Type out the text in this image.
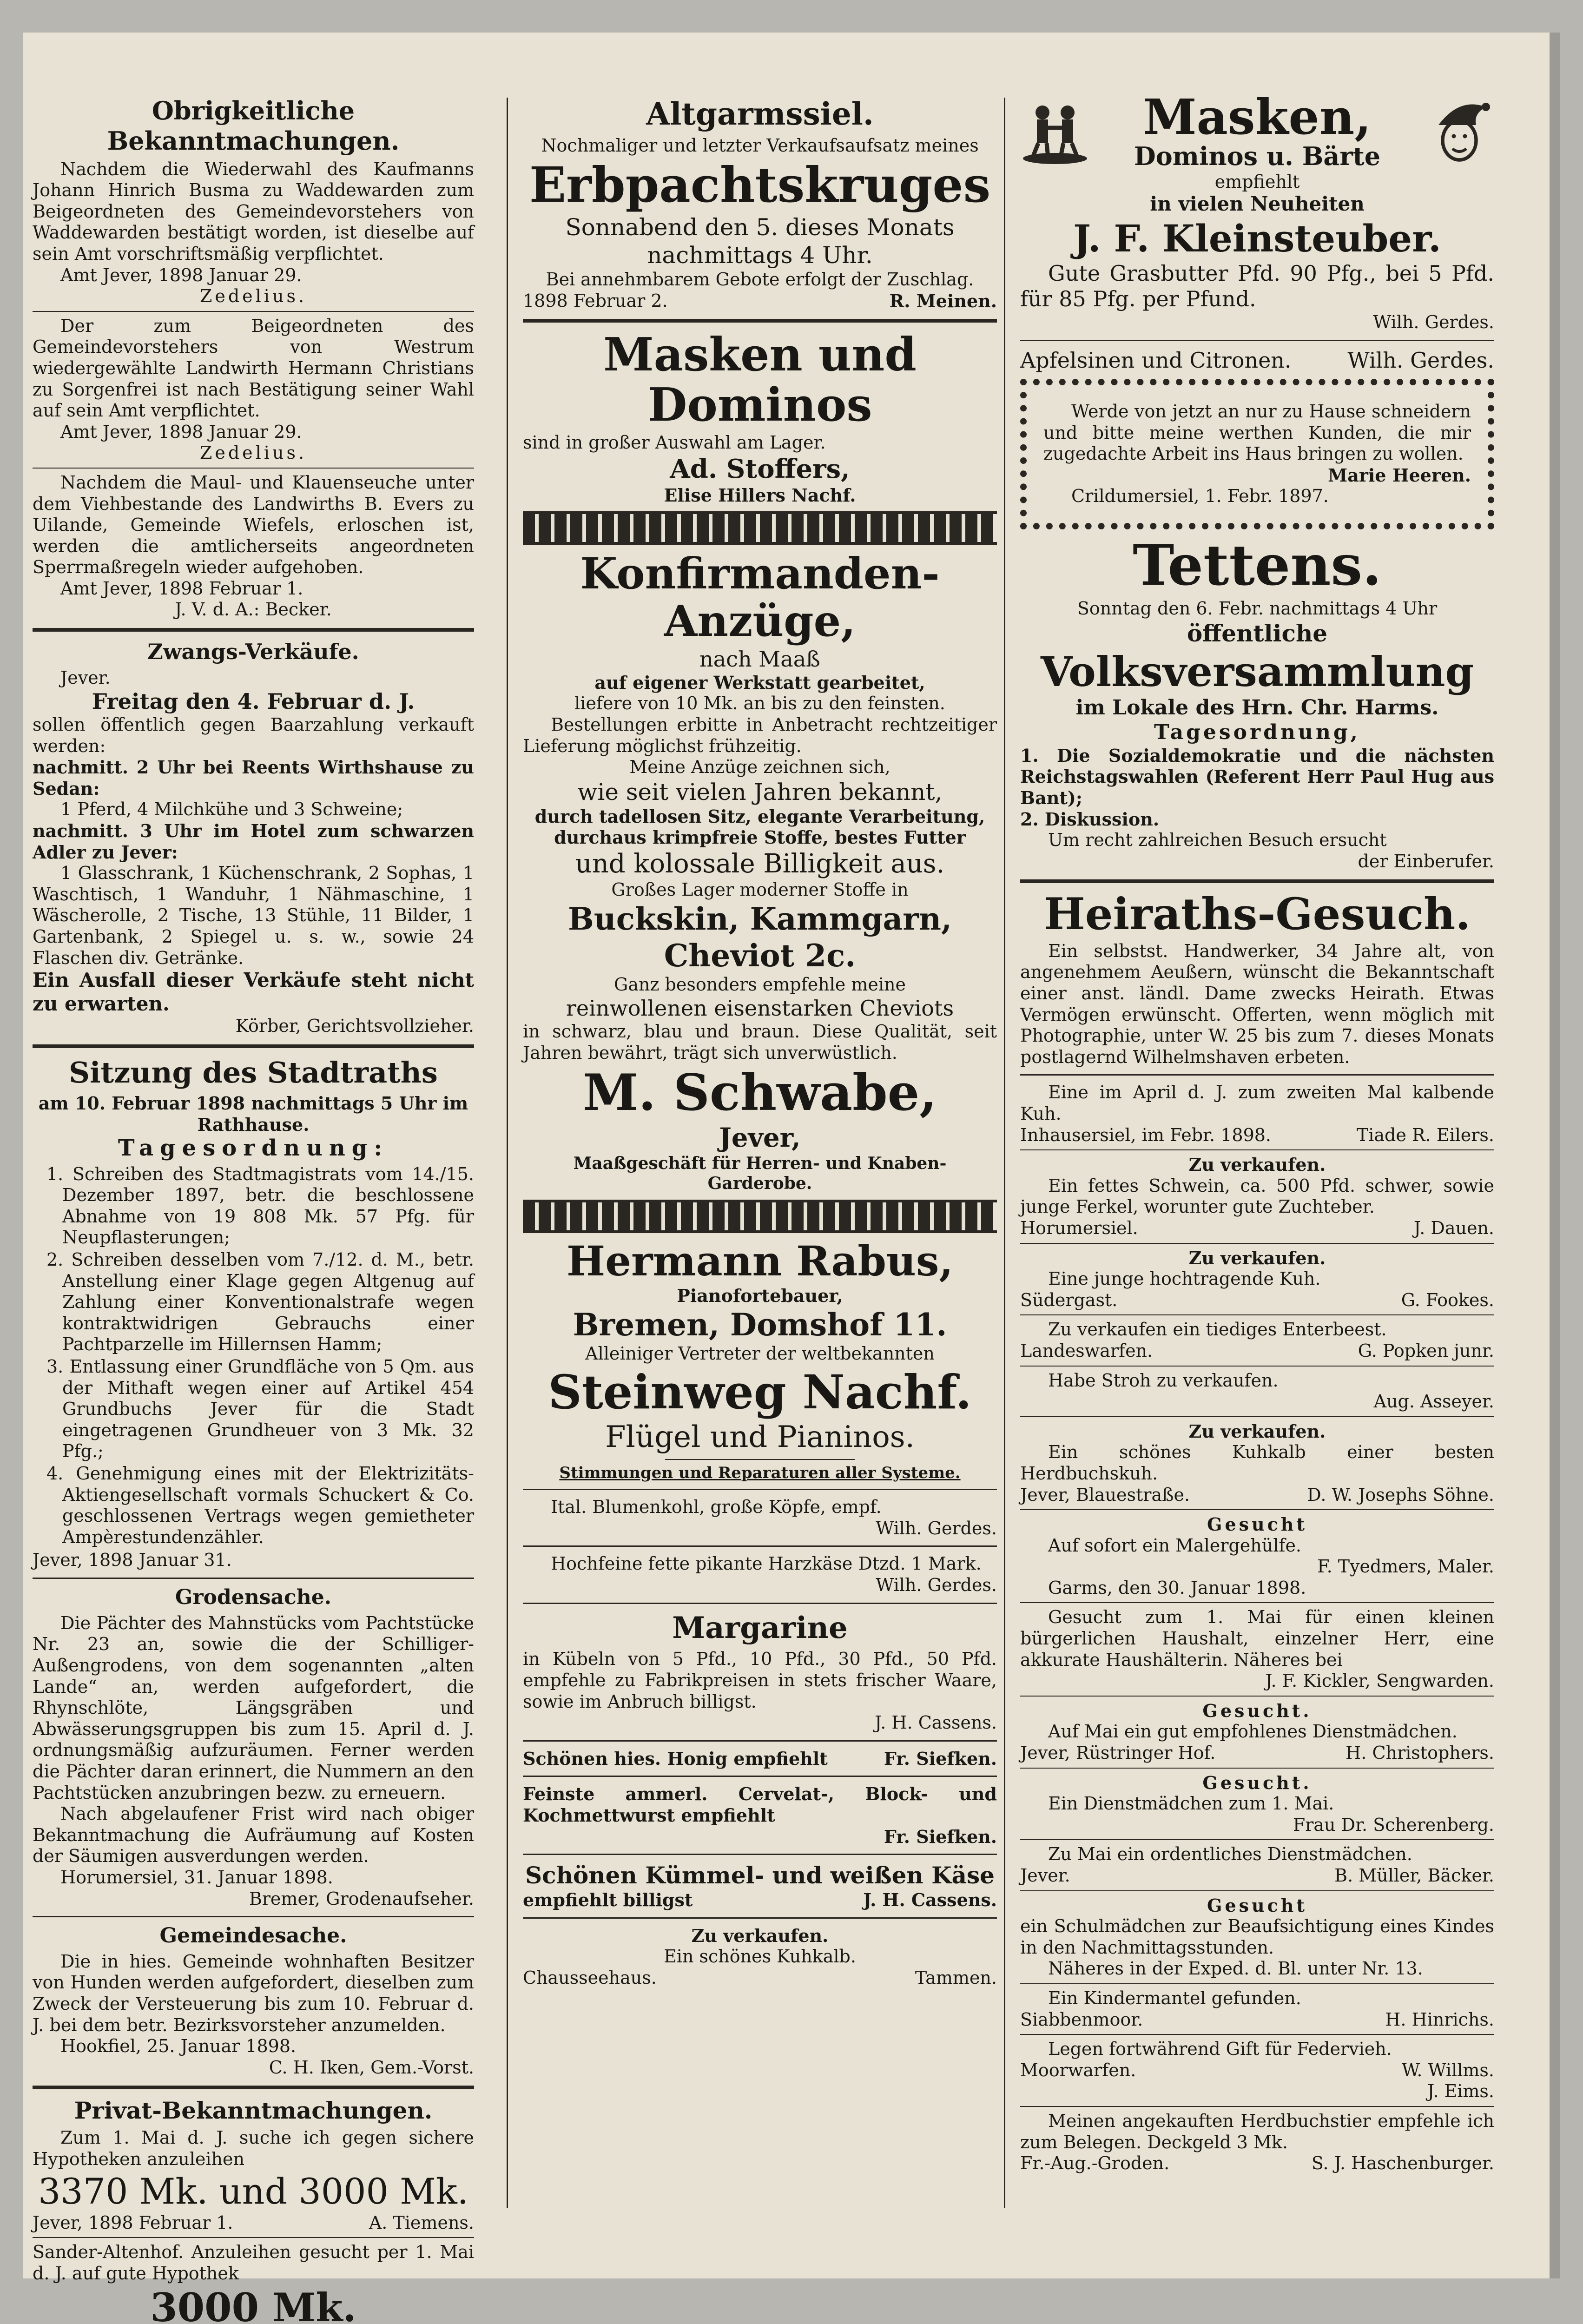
Obrigkeitliche Bekanntmachungen.

Nachdem die Wiederwahl des Kaufmanns Johann Hinrich Busma zu Waddewarden zum Beigeordneten des Gemeindevorstehers von Waddewarden bestätigt worden, ist dieselbe auf sein Amt vorschriftsmäßig verpflichtet.

Amt Jever, 1898 Januar 29.

Zedelius.

Der zum Beigeordneten des Gemeindevorstehers von Westrum wiedergewählte Landwirth Hermann Christians zu Sorgenfrei ist nach Bestätigung seiner Wahl auf sein Amt verpflichtet.

Amt Jever, 1898 Januar 29.

Zedelius.

Nachdem die Maul- und Klauenseuche unter dem Viehbestande des Landwirths B. Evers zu Uilande, Gemeinde Wiefels, erloschen ist, werden die amtlicherseits angeordneten Sperrmaßregeln wieder aufgehoben.

Amt Jever, 1898 Februar 1.

J. V. d. A.: Becker.

Zwangs-Verkäufe.

Jever.

Freitag den 4. Februar d. J.

sollen öffentlich gegen Baarzahlung verkauft werden:

nachmitt. 2 Uhr bei Reents Wirthshause zu Sedan:

1 Pferd, 4 Milchkühe und 3 Schweine;

nachmitt. 3 Uhr im Hotel zum schwarzen Adler zu Jever:

1 Glasschrank, 1 Küchenschrank, 2 Sophas, 1 Waschtisch, 1 Wanduhr, 1 Nähmaschine, 1 Wäscherolle, 2 Tische, 13 Stühle, 11 Bilder, 1 Gartenbank, 2 Spiegel u. s. w., sowie 24 Flaschen div. Getränke.

Ein Ausfall dieser Verkäufe steht nicht zu erwarten.

Körber, Gerichtsvollzieher.

Sitzung des Stadtraths

am 10. Februar 1898 nachmittags 5 Uhr im Rathhause.

Tagesordnung:

1. Schreiben des Stadtmagistrats vom 14./15. Dezember 1897, betr. die beschlossene Abnahme von 19 808 Mk. 57 Pfg. für Neupflasterungen;
2. Schreiben desselben vom 7./12. d. M., betr. Anstellung einer Klage gegen Altgenug auf Zahlung einer Konventionalstrafe wegen kontraktwidrigen Gebrauchs einer Pachtparzelle im Hillernsen Hamm;
3. Entlassung einer Grundfläche von 5 Qm. aus der Mithaft wegen einer auf Artikel 454 Grundbuchs Jever für die Stadt eingetragenen Grundheuer von 3 Mk. 32 Pfg.;
4. Genehmigung eines mit der Elektrizitäts-Aktiengesellschaft vormals Schuckert & Co. geschlossenen Vertrags wegen gemietheter Ampèrestundenzähler.

Jever, 1898 Januar 31.

Grodensache.

Die Pächter des Mahnstücks vom Pachtstücke Nr. 23 an, sowie die der Schilliger-Außengrodens, von dem sogenannten „alten Lande“ an, werden aufgefordert, die Rhynschlöte, Längsgräben und Abwässerungsgruppen bis zum 15. April d. J. ordnungsmäßig aufzuräumen. Ferner werden die Pächter daran erinnert, die Nummern an den Pachtstücken anzubringen bezw. zu erneuern.

Nach abgelaufener Frist wird nach obiger Bekanntmachung die Aufräumung auf Kosten der Säumigen ausverdungen werden.

Horumersiel, 31. Januar 1898.

Bremer, Grodenaufseher.

Gemeindesache.

Die in hies. Gemeinde wohnhaften Besitzer von Hunden werden aufgefordert, dieselben zum Zweck der Versteuerung bis zum 10. Februar d. J. bei dem betr. Bezirksvorsteher anzumelden.

Hookfiel, 25. Januar 1898.

C. H. Iken, Gem.-Vorst.

Privat-Bekanntmachungen.

Zum 1. Mai d. J. suche ich gegen sichere Hypotheken anzuleihen

3370 Mk. und 3000 Mk.

Jever, 1898 Februar 1.	A. Tiemens.

Sander-Altenhof. Anzuleihen gesucht per 1. Mai d. J. auf gute Hypothek

3000 Mk.

Altgarmssiel.

Nochmaliger und letzter Verkaufsaufsatz meines

Erbpachtskruges

Sonnabend den 5. dieses Monats

nachmittags 4 Uhr.

Bei annehmbarem Gebote erfolgt der Zuschlag.

1898 Februar 2.	R. Meinen.

Masken und Dominos

sind in großer Auswahl am Lager.

Ad. Stoffers,

Elise Hillers Nachf.

Konfirmanden-Anzüge,

nach Maaß

auf eigener Werkstatt gearbeitet,

liefere von 10 Mk. an bis zu den feinsten.

Bestellungen erbitte in Anbetracht rechtzeitiger Lieferung möglichst frühzeitig.

Meine Anzüge zeichnen sich,

wie seit vielen Jahren bekannt,

durch tadellosen Sitz, elegante Verarbeitung, durchaus krimpfreie Stoffe, bestes Futter

und kolossale Billigkeit aus.

Großes Lager moderner Stoffe in

Buckskin, Kammgarn,

Cheviot 2c.

Ganz besonders empfehle meine

reinwollenen eisenstarken Cheviots

in schwarz, blau und braun. Diese Qualität, seit Jahren bewährt, trägt sich unverwüstlich.

M. Schwabe,

Jever,

Maaßgeschäft für Herren- und Knaben-Garderobe.

Hermann Rabus,

Pianofortebauer,

Bremen, Domshof 11.

Alleiniger Vertreter der weltbekannten

Steinweg Nachf.

Flügel und Pianinos.

Stimmungen und Reparaturen aller Systeme.

Ital. Blumenkohl, große Köpfe, empf.

Wilh. Gerdes.

Hochfeine fette pikante Harzkäse Dtzd. 1 Mark.

Wilh. Gerdes.

Margarine

in Kübeln von 5 Pfd., 10 Pfd., 30 Pfd., 50 Pfd. empfehle zu Fabrikpreisen in stets frischer Waare, sowie im Anbruch billigst.

J. H. Cassens.

Schönen hies. Honig empfiehlt	Fr. Siefken.

Feinste ammerl. Cervelat-, Block- und Kochmettwurst empfiehlt

Fr. Siefken.

Schönen Kümmel- und weißen Käse

empfiehlt billigst	J. H. Cassens.

Zu verkaufen.

Ein schönes Kuhkalb.

Chausseehaus.	Tammen.

Masken,

Dominos u. Bärte

empfiehlt

in vielen Neuheiten

J. F. Kleinsteuber.

Gute Grasbutter Pfd. 90 Pfg., bei 5 Pfd. für 85 Pfg. per Pfund.

Wilh. Gerdes.

Apfelsinen und Citronen.	Wilh. Gerdes.

Werde von jetzt an nur zu Hause schneidern und bitte meine werthen Kunden, die mir zugedachte Arbeit ins Haus bringen zu wollen.

Marie Heeren.

Crildumersiel, 1. Febr. 1897.

Tettens.

Sonntag den 6. Febr. nachmittags 4 Uhr

öffentliche

Volksversammlung

im Lokale des Hrn. Chr. Harms.

Tagesordnung,

1. Die Sozialdemokratie und die nächsten Reichstagswahlen (Referent Herr Paul Hug aus Bant);

2. Diskussion.

Um recht zahlreichen Besuch ersucht

der Einberufer.

Heiraths-Gesuch.

Ein selbstst. Handwerker, 34 Jahre alt, von angenehmem Aeußern, wünscht die Bekanntschaft einer anst. ländl. Dame zwecks Heirath. Etwas Vermögen erwünscht. Offerten, wenn möglich mit Photographie, unter W. 25 bis zum 7. dieses Monats postlagernd Wilhelmshaven erbeten.

Eine im April d. J. zum zweiten Mal kalbende Kuh.

Inhausersiel, im Febr. 1898.	Tiade R. Eilers.

Zu verkaufen.

Ein fettes Schwein, ca. 500 Pfd. schwer, sowie junge Ferkel, worunter gute Zuchteber.

Horumersiel.	J. Dauen.

Zu verkaufen.

Eine junge hochtragende Kuh.

Südergast.	G. Fookes.

Zu verkaufen ein tiediges Enterbeest.

Landeswarfen.	G. Popken junr.

Habe Stroh zu verkaufen.

Aug. Asseyer.

Zu verkaufen.

Ein schönes Kuhkalb einer besten Herdbuchskuh.

Jever, Blauestraße.	D. W. Josephs Söhne.

Gesucht

Auf sofort ein Malergehülfe.

F. Tyedmers, Maler.

Garms, den 30. Januar 1898.

Gesucht zum 1. Mai für einen kleinen bürgerlichen Haushalt, einzelner Herr, eine akkurate Haushälterin. Näheres bei

J. F. Kickler, Sengwarden.

Gesucht.

Auf Mai ein gut empfohlenes Dienstmädchen.

Jever, Rüstringer Hof.	H. Christophers.

Gesucht.

Ein Dienstmädchen zum 1. Mai.

Frau Dr. Scherenberg.

Zu Mai ein ordentliches Dienstmädchen.

Jever.	B. Müller, Bäcker.

Gesucht

ein Schulmädchen zur Beaufsichtigung eines Kindes in den Nachmittagsstunden.

Näheres in der Exped. d. Bl. unter Nr. 13.

Ein Kindermantel gefunden.

Siabbenmoor.	H. Hinrichs.

Legen fortwährend Gift für Federvieh.

Moorwarfen.	W. Willms.

J. Eims.

Meinen angekauften Herdbuchstier empfehle ich zum Belegen. Deckgeld 3 Mk.

Fr.-Aug.-Groden.	S. J. Haschenburger.
